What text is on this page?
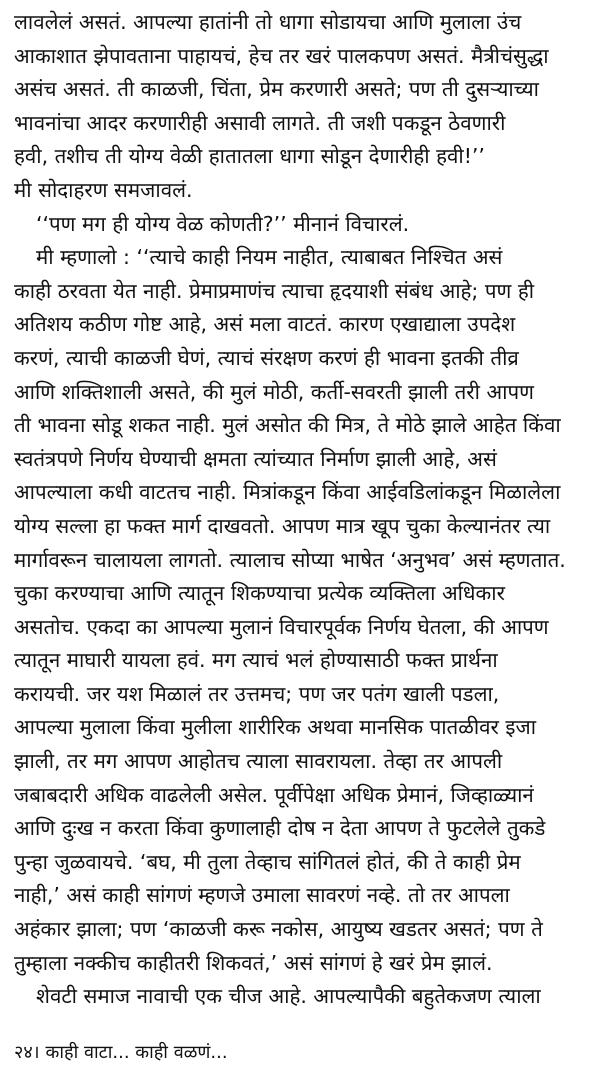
लावलेलं असतं. आपल्या हातांनी तो धागा सोडायचा आणि मुलाला उंच
आकाशात झेपावताना पाहायचं, हेच तर खरं पालकपण असतं. मैत्रीचंसुद्धा
असंच असतं. ती काळजी, चिंता, प्रेम करणारी असते; पण ती दुसऱ्याच्या
भावनांचा आदर करणारीही असावी लागते. ती जशी पकडून ठेवणारी
हवी, तशीच ती योग्य वेळी हातातला धागा सोडून देणारीही हवी!’’
मी सोदाहरण समजावलं.
‘‘पण मग ही योग्य वेळ कोणती?’’ मीनानं विचारलं.
मी म्हणालो : ‘‘त्याचे काही नियम नाहीत, त्याबाबत निश्चित असं
काही ठरवता येत नाही. प्रेमाप्रमाणंच त्याचा हृदयाशी संबंध आहे; पण ही
अतिशय कठीण गोष्ट आहे, असं मला वाटतं. कारण एखाद्याला उपदेश
करणं, त्याची काळजी घेणं, त्याचं संरक्षण करणं ही भावना इतकी तीव्र
आणि शक्तिशाली असते, की मुलं मोठी, कर्ती-सवरती झाली तरी आपण
ती भावना सोडू शकत नाही. मुलं असोत की मित्र, ते मोठे झाले आहेत किंवा
स्वतंत्रपणे निर्णय घेण्याची क्षमता त्यांच्यात निर्माण झाली आहे, असं
आपल्याला कधी वाटतच नाही. मित्रांकडून किंवा आईवडिलांकडून मिळालेला
योग्य सल्ला हा फक्त मार्ग दाखवतो. आपण मात्र खूप चुका केल्यानंतर त्या
मार्गावरून चालायला लागतो. त्यालाच सोप्या भाषेत ‘अनुभव’ असं म्हणतात.
चुका करण्याचा आणि त्यातून शिकण्याचा प्रत्येक व्यक्तिला अधिकार
असतोच. एकदा का आपल्या मुलानं विचारपूर्वक निर्णय घेतला, की आपण
त्यातून माघारी यायला हवं. मग त्याचं भलं होण्यासाठी फक्त प्रार्थना
करायची. जर यश मिळालं तर उत्तमच; पण जर पतंग खाली पडला,
आपल्या मुलाला किंवा मुलीला शारीरिक अथवा मानसिक पातळीवर इजा
झाली, तर मग आपण आहोतच त्याला सावरायला. तेव्हा तर आपली
जबाबदारी अधिक वाढलेली असेल. पूर्वीपेक्षा अधिक प्रेमानं, जिव्हाळ्यानं
आणि दुःख न करता किंवा कुणालाही दोष न देता आपण ते फुटलेले तुकडे
पुन्हा जुळवायचे. ‘बघ, मी तुला तेव्हाच सांगितलं होतं, की ते काही प्रेम
नाही,’ असं काही सांगणं म्हणजे उमाला सावरणं नव्हे. तो तर आपला
अहंकार झाला; पण ‘काळजी करू नकोस, आयुष्य खडतर असतं; पण ते
तुम्हाला नक्कीच काहीतरी शिकवतं,’ असं सांगणं हे खरं प्रेम झालं.
शेवटी समाज नावाची एक चीज आहे. आपल्यापैकी बहुतेकजण त्याला
२४। काही वाटा... काही वळणं...
